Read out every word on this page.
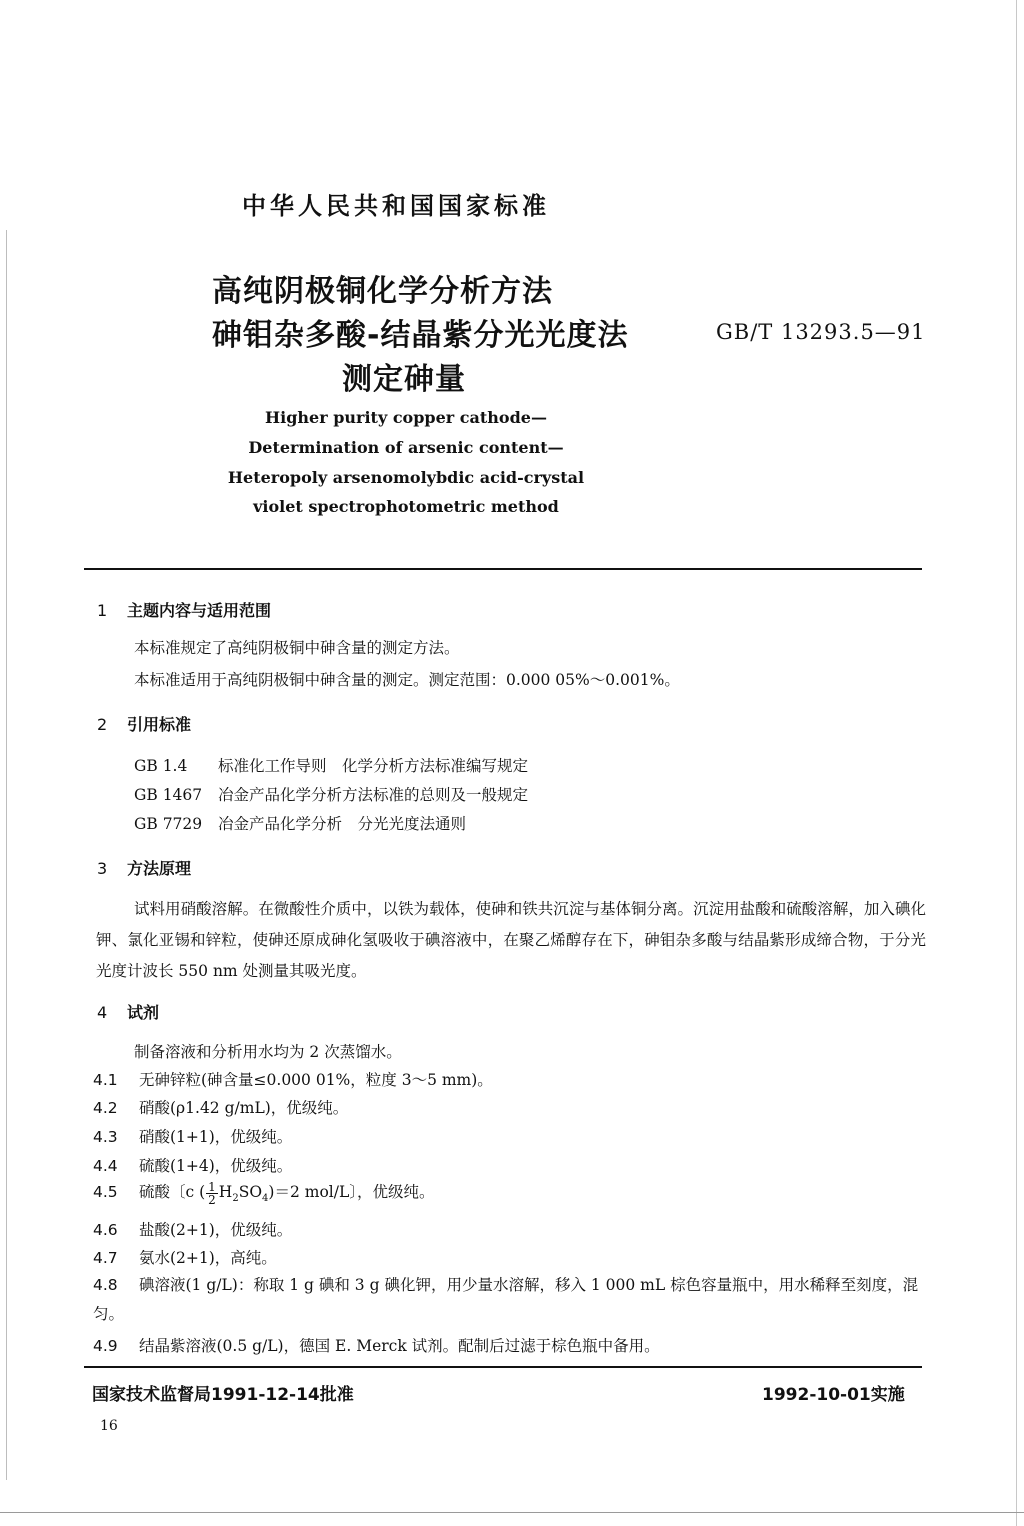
中华人民共和国国家标准
高纯阴极铜化学分析方法
砷钼杂多酸-结晶紫分光光度法
测定砷量
GB/T 13293.5—91
Higher purity copper cathode—
Determination of arsenic content—
Heteropoly arsenomolybdic acid-crystal
violet spectrophotometric method
1 主题内容与适用范围
本标准规定了高纯阴极铜中砷含量的测定方法。
本标准适用于高纯阴极铜中砷含量的测定。测定范围：0.000 05%～0.001%。
2 引用标准
GB 1.4 标准化工作导则　化学分析方法标准编写规定
GB 1467 冶金产品化学分析方法标准的总则及一般规定
GB 7729 冶金产品化学分析　分光光度法通则
3 方法原理
试料用硝酸溶解。在微酸性介质中，以铁为载体，使砷和铁共沉淀与基体铜分离。沉淀用盐酸和硫酸溶解，加入碘化钾、氯化亚锡和锌粒，使砷还原成砷化氢吸收于碘溶液中，在聚乙烯醇存在下，砷钼杂多酸与结晶紫形成缔合物，于分光光度计波长 550 nm 处测量其吸光度。
4 试剂
制备溶液和分析用水均为 2 次蒸馏水。
4.1 无砷锌粒(砷含量≤0.000 01%，粒度 3～5 mm)。
4.2 硝酸(ρ1.42 g/mL)，优级纯。
4.3 硝酸(1+1)，优级纯。
4.4 硫酸(1+4)，优级纯。
4.5 硫酸〔c ( $\frac{1}{2} H_2SO_4)=2$ mol/L〕，优级纯。
4.6 盐酸(2+1)，优级纯。
4.7 氨水(2+1)，高纯。
4.8 碘溶液(1 g/L)：称取 1 g 碘和 3 g 碘化钾，用少量水溶解，移入 1 000 mL 棕色容量瓶中，用水稀释至刻度，混匀。
4.9 结晶紫溶液(0.5 g/L)，德国 E. Merck 试剂。配制后过滤于棕色瓶中备用。
国家技术监督局1991-12-14批准	1992-10-01实施
16
